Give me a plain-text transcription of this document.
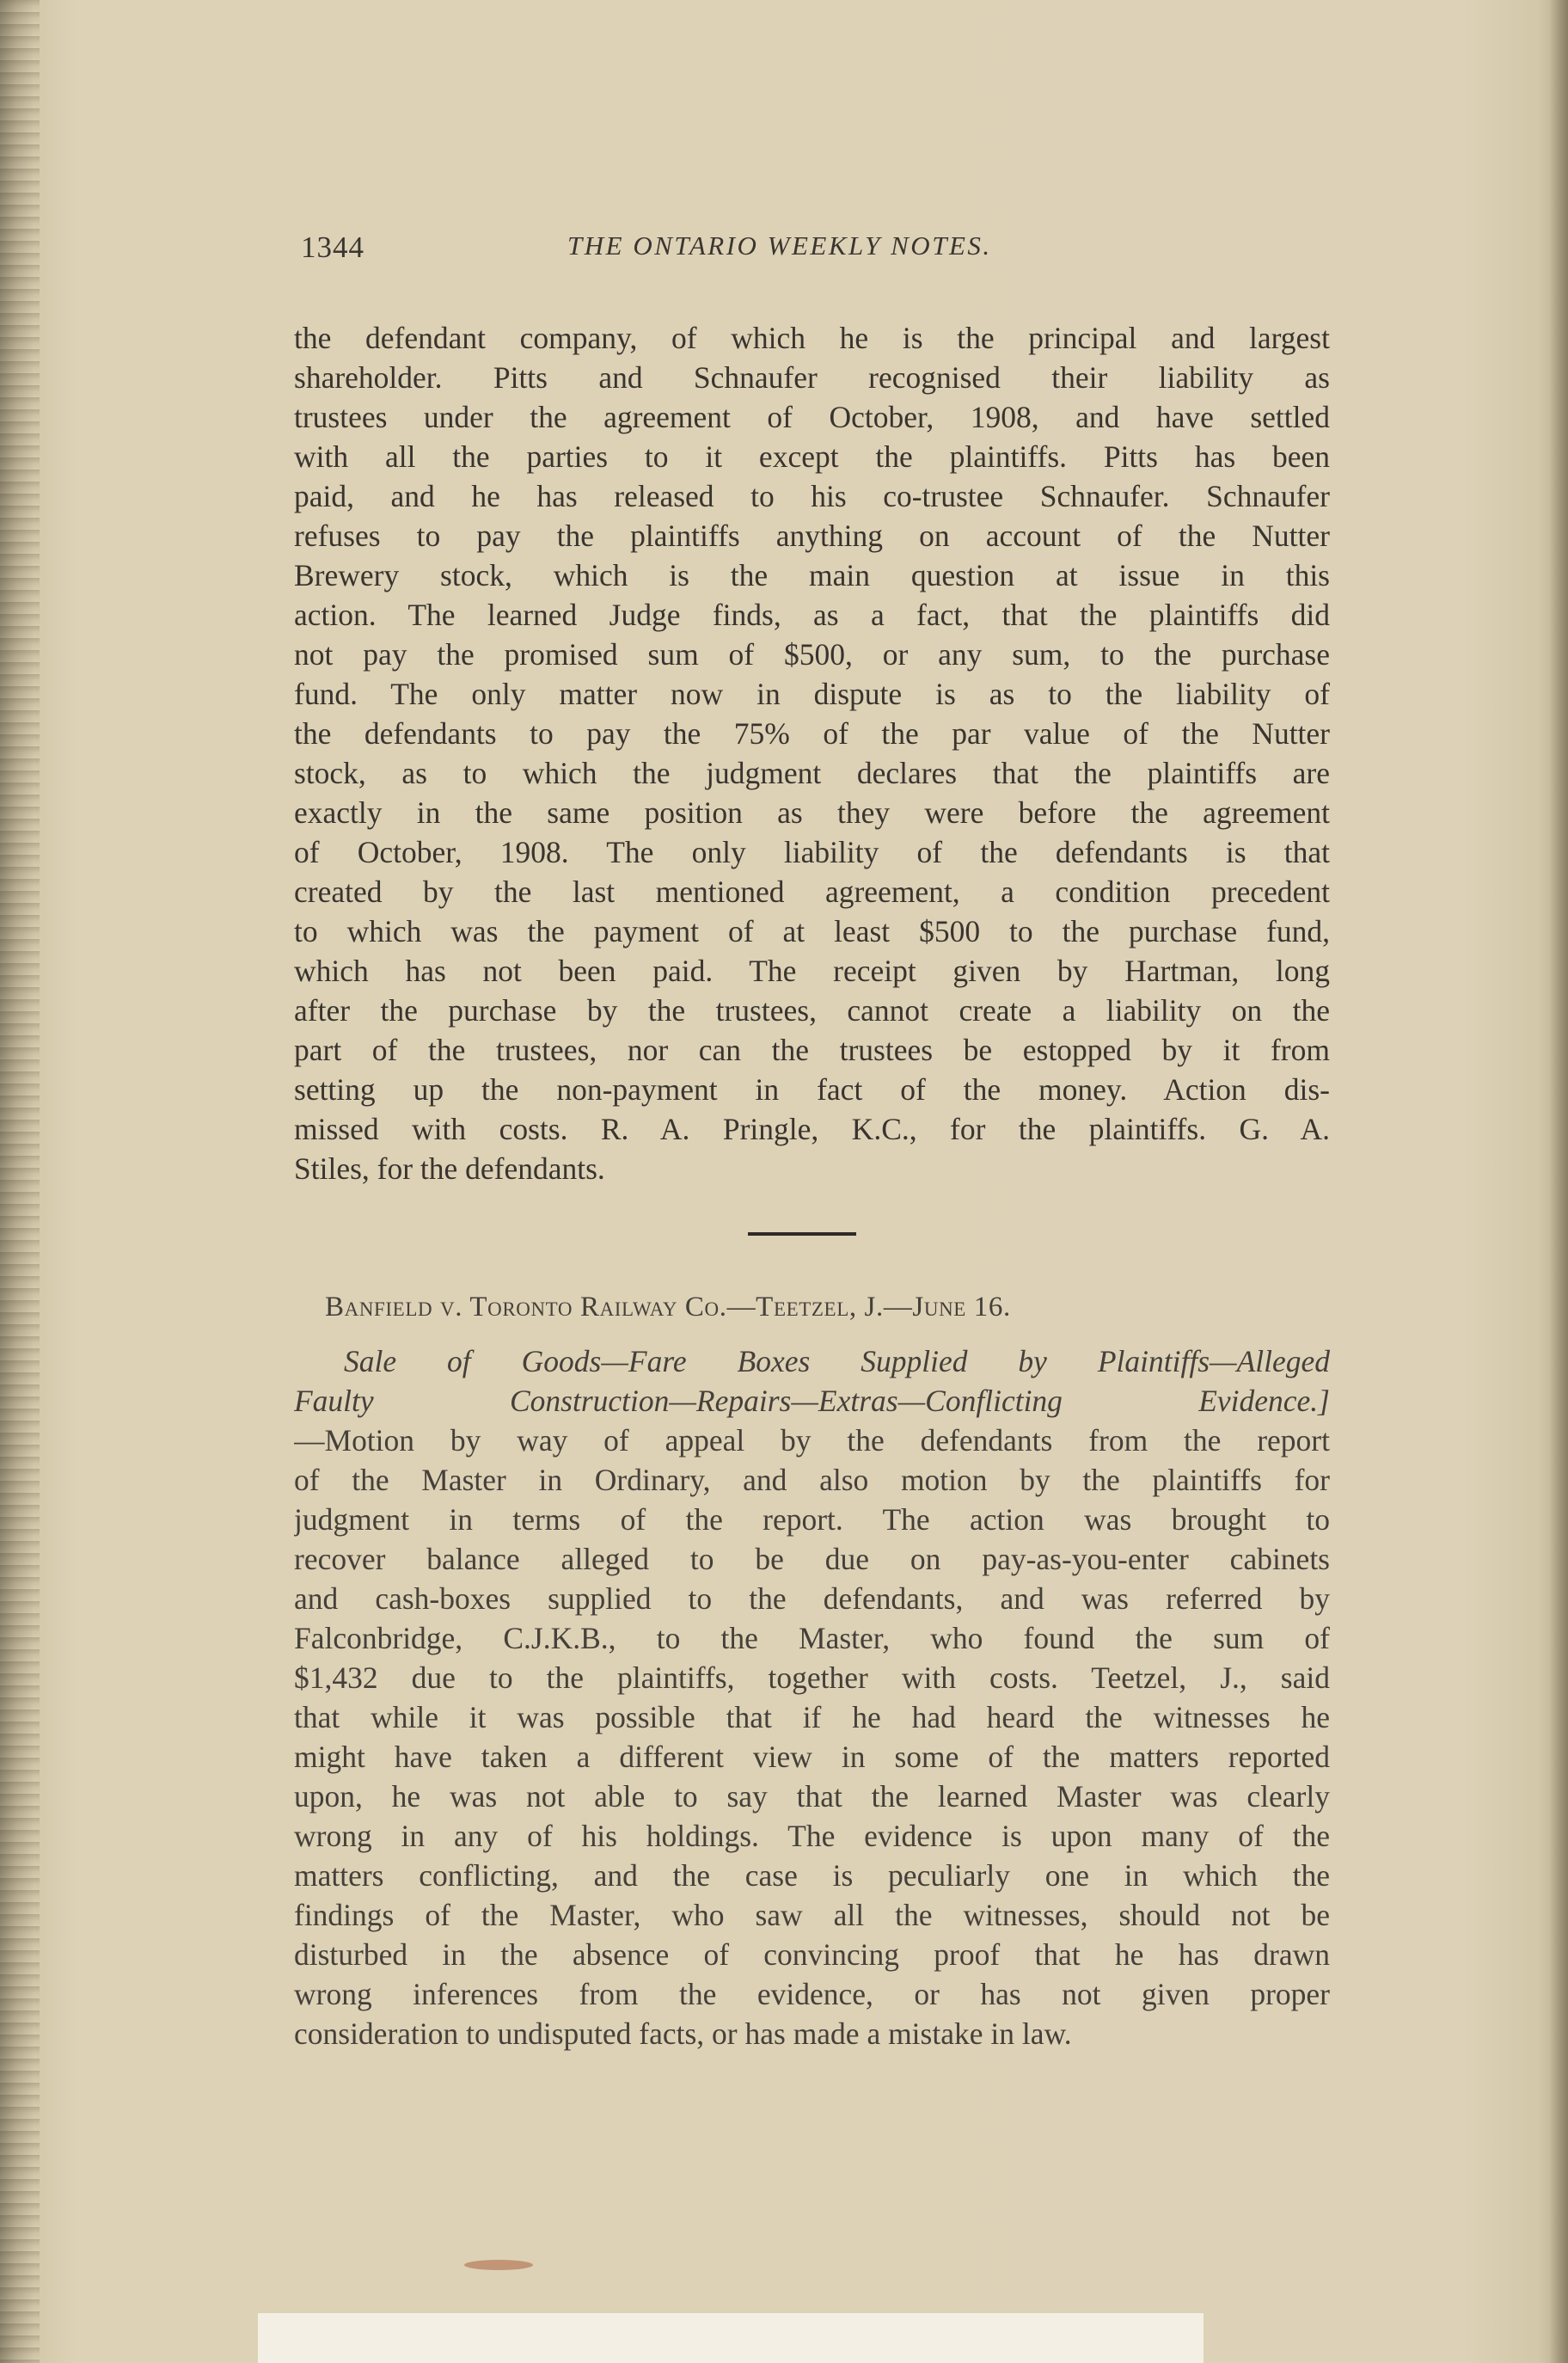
1344	THE ONTARIO WEEKLY NOTES.
the defendant company, of which he is the principal and largest
shareholder. Pitts and Schnaufer recognised their liability as
trustees under the agreement of October, 1908, and have settled
with all the parties to it except the plaintiffs. Pitts has been
paid, and he has released to his co-trustee Schnaufer. Schnaufer
refuses to pay the plaintiffs anything on account of the Nutter
Brewery stock, which is the main question at issue in this
action. The learned Judge finds, as a fact, that the plaintiffs did
not pay the promised sum of $500, or any sum, to the purchase
fund. The only matter now in dispute is as to the liability of
the defendants to pay the 75% of the par value of the Nutter
stock, as to which the judgment declares that the plaintiffs are
exactly in the same position as they were before the agreement
of October, 1908. The only liability of the defendants is that
created by the last mentioned agreement, a condition precedent
to which was the payment of at least $500 to the purchase fund,
which has not been paid. The receipt given by Hartman, long
after the purchase by the trustees, cannot create a liability on the
part of the trustees, nor can the trustees be estopped by it from
setting up the non-payment in fact of the money. Action dis-
missed with costs. R. A. Pringle, K.C., for the plaintiffs. G. A.
Stiles, for the defendants.
Banfield v. Toronto Railway Co.—Teetzel, J.—June 16.
Sale of Goods—Fare Boxes Supplied by Plaintiffs—Alleged
Faulty Construction—Repairs—Extras—Conflicting Evidence.]
—Motion by way of appeal by the defendants from the report
of the Master in Ordinary, and also motion by the plaintiffs for
judgment in terms of the report. The action was brought to
recover balance alleged to be due on pay-as-you-enter cabinets
and cash-boxes supplied to the defendants, and was referred by
Falconbridge, C.J.K.B., to the Master, who found the sum of
$1,432 due to the plaintiffs, together with costs. Teetzel, J., said
that while it was possible that if he had heard the witnesses he
might have taken a different view in some of the matters reported
upon, he was not able to say that the learned Master was clearly
wrong in any of his holdings. The evidence is upon many of the
matters conflicting, and the case is peculiarly one in which the
findings of the Master, who saw all the witnesses, should not be
disturbed in the absence of convincing proof that he has drawn
wrong inferences from the evidence, or has not given proper
consideration to undisputed facts, or has made a mistake in law.
